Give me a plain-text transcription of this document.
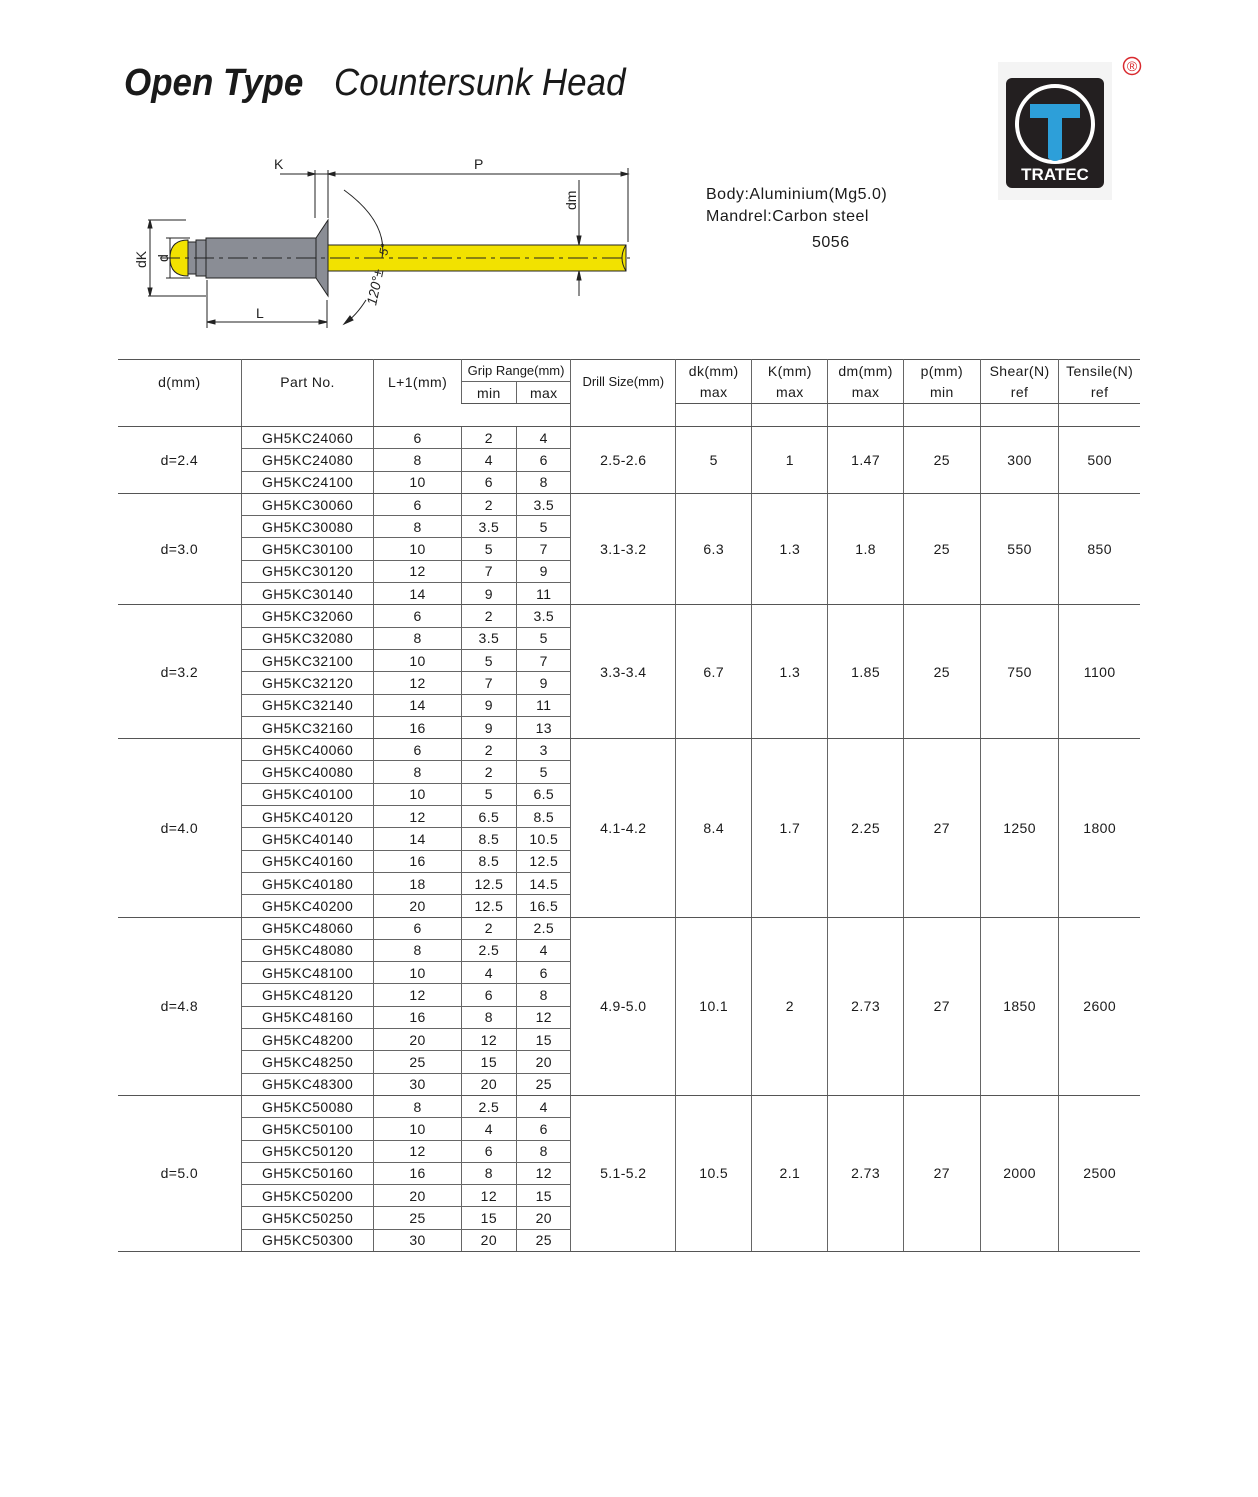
Open Type Countersunk Head
K	P
dm
dK d
L
120°±
5°
Body:Aluminium(Mg5.0)
Mandrel:Carbon steel
5056
TRATEC
®
d(mm)	Part No.	L+1(mm)	Grip Range(mm)		Drill Size(mm)	dk(mm)	K(mm)	dm(mm)	p(mm)	Shear(N)	Tensile(N)
			min	max		max	max	max	min	ref	ref

d=2.4	GH5KC24060	6	2	4	2.5-2.6	5	1	1.47	25	300	500
	GH5KC24080	8	4	6							
	GH5KC24100	10	6	8							
d=3.0	GH5KC30060	6	2	3.5	3.1-3.2	6.3	1.3	1.8	25	550	850
	GH5KC30080	8	3.5	5							
	GH5KC30100	10	5	7							
	GH5KC30120	12	7	9							
	GH5KC30140	14	9	11							
d=3.2	GH5KC32060	6	2	3.5	3.3-3.4	6.7	1.3	1.85	25	750	1100
	GH5KC32080	8	3.5	5							
	GH5KC32100	10	5	7							
	GH5KC32120	12	7	9							
	GH5KC32140	14	9	11							
	GH5KC32160	16	9	13							
d=4.0	GH5KC40060	6	2	3	4.1-4.2	8.4	1.7	2.25	27	1250	1800
	GH5KC40080	8	2	5							
	GH5KC40100	10	5	6.5							
	GH5KC40120	12	6.5	8.5							
	GH5KC40140	14	8.5	10.5							
	GH5KC40160	16	8.5	12.5							
	GH5KC40180	18	12.5	14.5							
	GH5KC40200	20	12.5	16.5							
d=4.8	GH5KC48060	6	2	2.5	4.9-5.0	10.1	2	2.73	27	1850	2600
	GH5KC48080	8	2.5	4							
	GH5KC48100	10	4	6							
	GH5KC48120	12	6	8							
	GH5KC48160	16	8	12							
	GH5KC48200	20	12	15							
	GH5KC48250	25	15	20							
	GH5KC48300	30	20	25							
d=5.0	GH5KC50080	8	2.5	4	5.1-5.2	10.5	2.1	2.73	27	2000	2500
	GH5KC50100	10	4	6							
	GH5KC50120	12	6	8							
	GH5KC50160	16	8	12							
	GH5KC50200	20	12	15							
	GH5KC50250	25	15	20							
	GH5KC50300	30	20	25							
